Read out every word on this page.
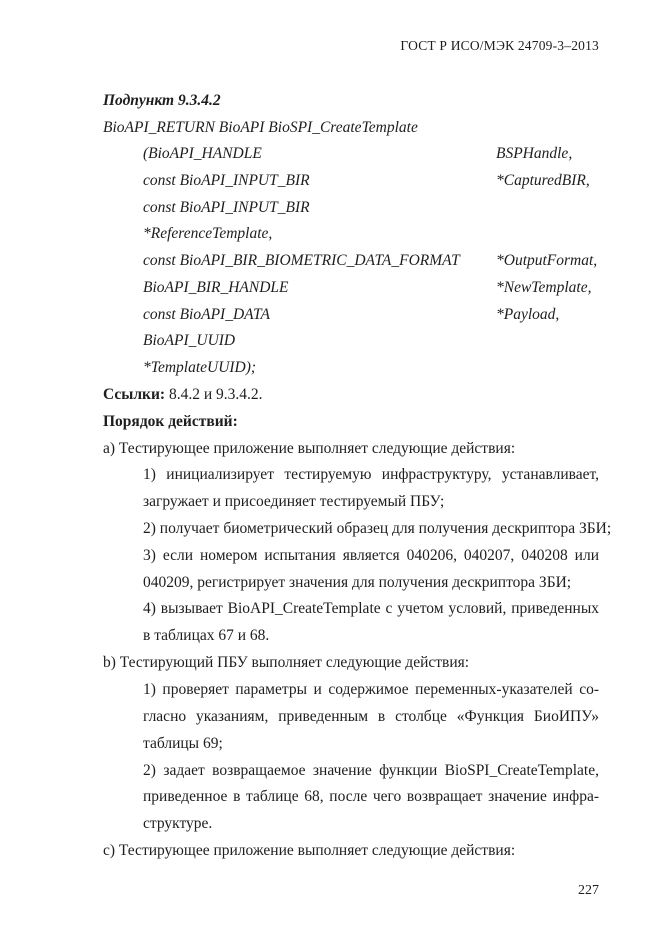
ГОСТ Р ИСО/МЭК 24709-3–2013
Подпункт 9.3.4.2
BioAPI_RETURN BioAPI BioSPI_CreateTemplate
(BioAPI_HANDLE	BSPHandle,
const BioAPI_INPUT_BIR	*CapturedBIR,
const BioAPI_INPUT_BIR
*ReferenceTemplate,
const BioAPI_BIR_BIOMETRIC_DATA_FORMAT *OutputFormat,
BioAPI_BIR_HANDLE	*NewTemplate,
const BioAPI_DATA	*Payload,
BioAPI_UUID
*TemplateUUID);
Ссылки: 8.4.2 и 9.3.4.2.
Порядок действий:
a) Тестирующее приложение выполняет следующие действия:
1) инициализирует тестируемую инфраструктуру, устанавливает,
загружает и присоединяет тестируемый ПБУ;
2) получает биометрический образец для получения дескриптора ЗБИ;
3) если номером испытания является 040206, 040207, 040208 или
040209, регистрирует значения для получения дескриптора ЗБИ;
4) вызывает BioAPI_CreateTemplate с учетом условий, приведенных
в таблицах 67 и 68.
b) Тестирующий ПБУ выполняет следующие действия:
1) проверяет параметры и содержимое переменных-указателей со-
гласно указаниям, приведенным в столбце «Функция БиоИПУ»
таблицы 69;
2) задает возвращаемое значение функции BioSPI_CreateTemplate,
приведенное в таблице 68, после чего возвращает значение инфра-
структуре.
c) Тестирующее приложение выполняет следующие действия:
227
